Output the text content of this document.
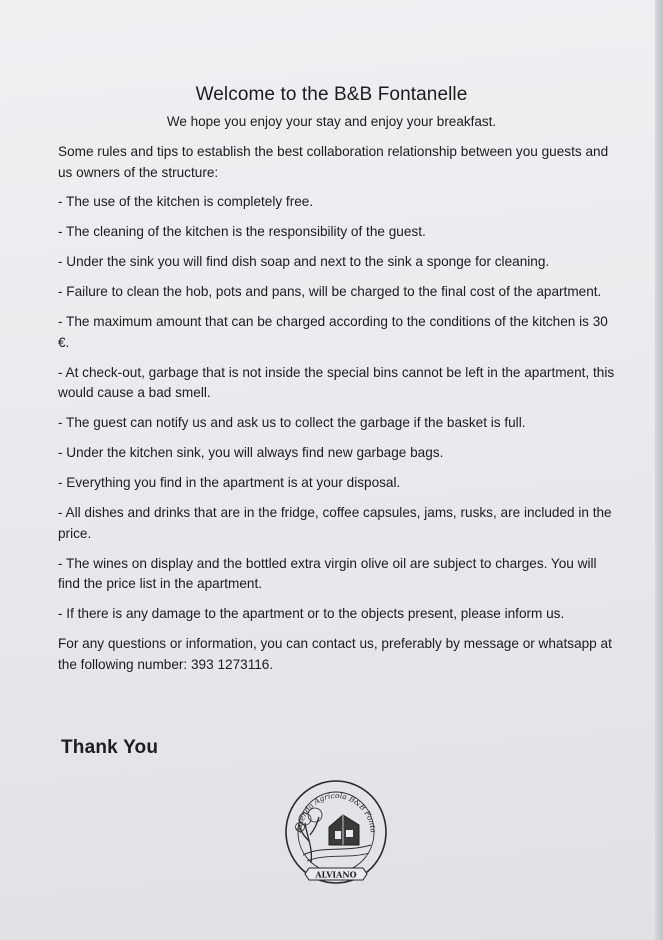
Welcome to the B&B Fontanelle
We hope you enjoy your stay and enjoy your breakfast.

Some rules and tips to establish the best collaboration relationship between you guests and us owners of the structure:

- The use of the kitchen is completely free.

- The cleaning of the kitchen is the responsibility of the guest.

- Under the sink you will find dish soap and next to the sink a sponge for cleaning.

- Failure to clean the hob, pots and pans, will be charged to the final cost of the apartment.

- The maximum amount that can be charged according to the conditions of the kitchen is 30 €.

- At check-out, garbage that is not inside the special bins cannot be left in the apartment, this would cause a bad smell.

- The guest can notify us and ask us to collect the garbage if the basket is full.

- Under the kitchen sink, you will always find new garbage bags.

- Everything you find in the apartment is at your disposal.

- All dishes and drinks that are in the fridge, coffee capsules, jams, rusks, are included in the price.

- The wines on display and the bottled extra virgin olive oil are subject to charges. You will find the price list in the apartment.

- If there is any damage to the apartment or to the objects present, please inform us.

For any questions or information, you can contact us, preferably by message or whatsapp at the following number: 393 1273116.

Thank You
Azienda Agricola B&B Fonta
ALVIANO
